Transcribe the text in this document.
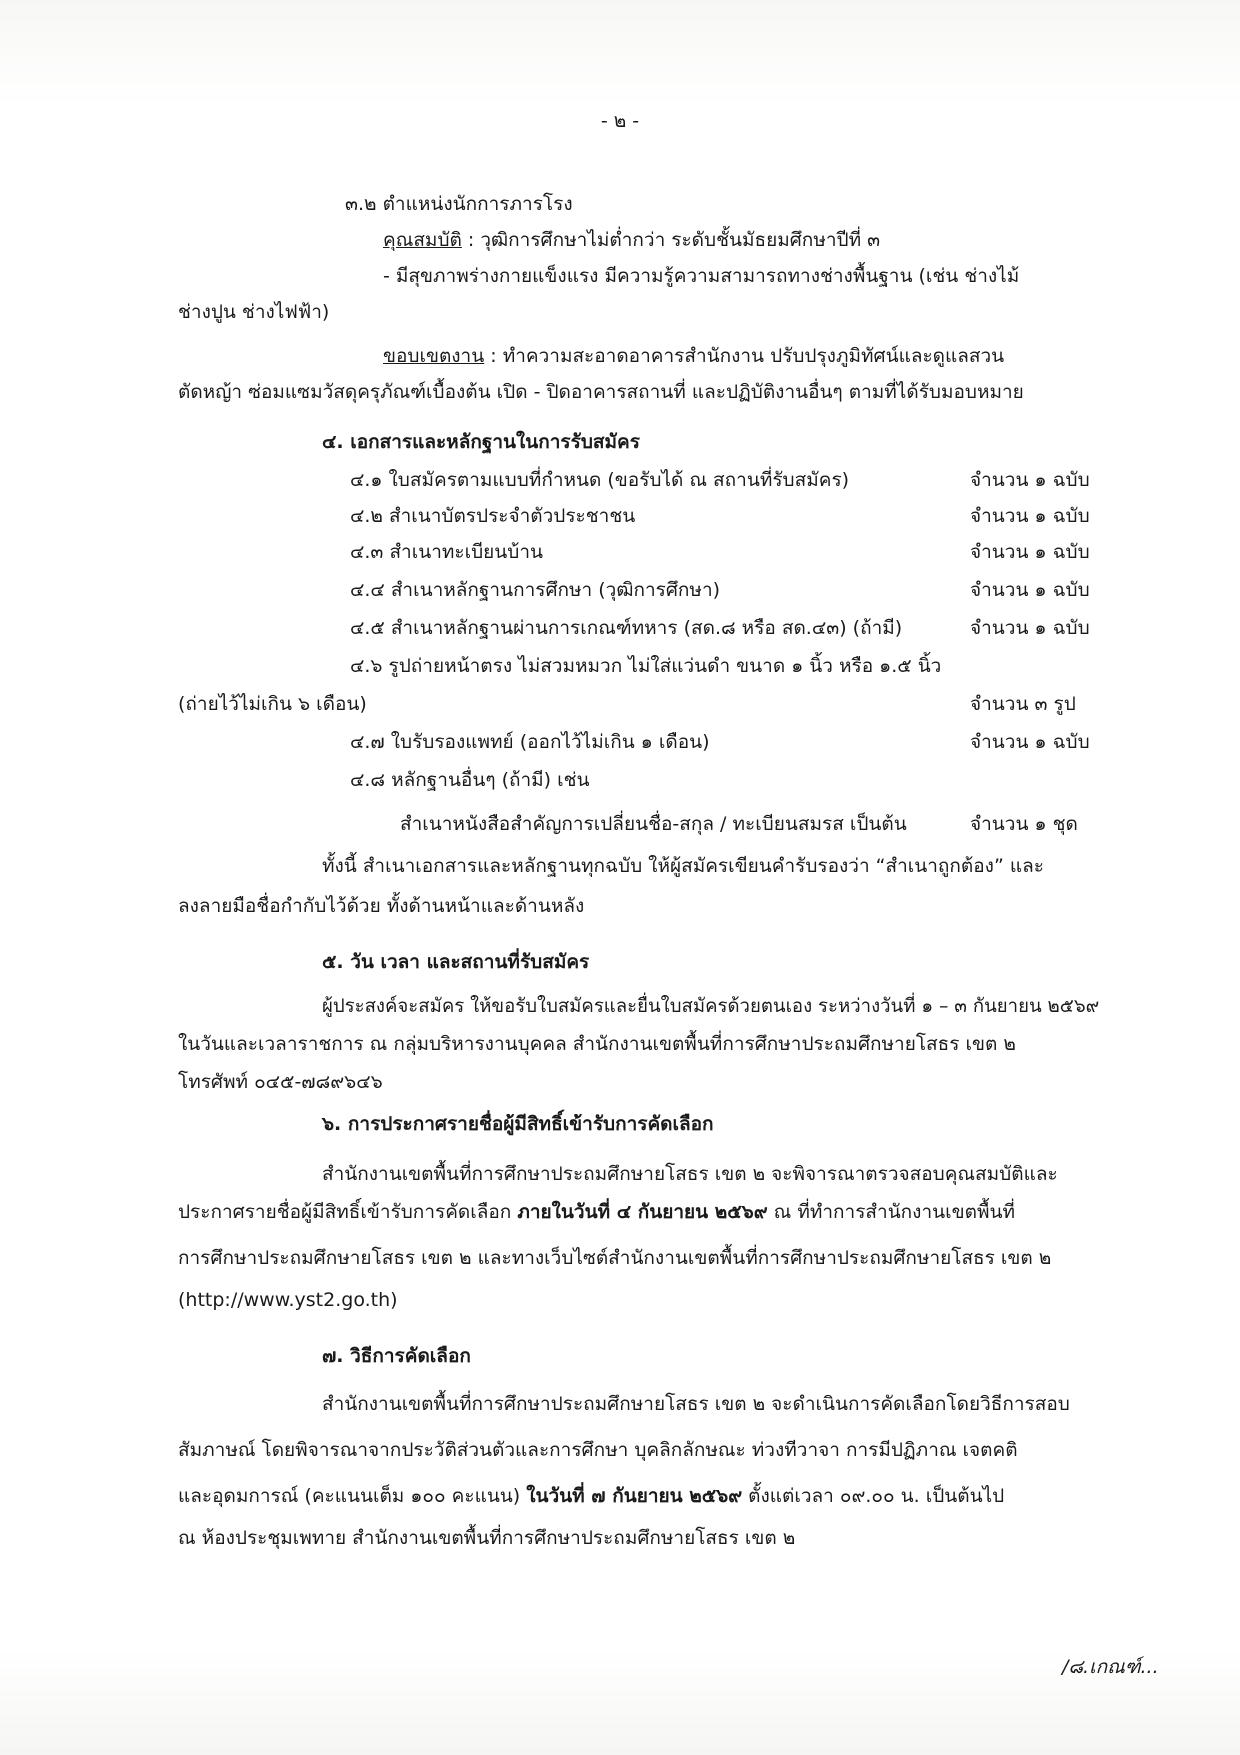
- ๒ -
๓.๒ ตำแหน่งนักการภารโรง
คุณสมบัติ : วุฒิการศึกษาไม่ต่ำกว่า ระดับชั้นมัธยมศึกษาปีที่ ๓
- มีสุขภาพร่างกายแข็งแรง มีความรู้ความสามารถทางช่างพื้นฐาน (เช่น ช่างไม้
ช่างปูน ช่างไฟฟ้า)
ขอบเขตงาน : ทำความสะอาดอาคารสำนักงาน ปรับปรุงภูมิทัศน์และดูแลสวน
ตัดหญ้า ซ่อมแซมวัสดุครุภัณฑ์เบื้องต้น เปิด - ปิดอาคารสถานที่ และปฏิบัติงานอื่นๆ ตามที่ได้รับมอบหมาย
๔. เอกสารและหลักฐานในการรับสมัคร
๔.๑ ใบสมัครตามแบบที่กำหนด (ขอรับได้ ณ สถานที่รับสมัคร)	จำนวน ๑ ฉบับ
๔.๒ สำเนาบัตรประจำตัวประชาชน	จำนวน ๑ ฉบับ
๔.๓ สำเนาทะเบียนบ้าน	จำนวน ๑ ฉบับ
๔.๔ สำเนาหลักฐานการศึกษา (วุฒิการศึกษา)	จำนวน ๑ ฉบับ
๔.๕ สำเนาหลักฐานผ่านการเกณฑ์ทหาร (สด.๘ หรือ สด.๔๓) (ถ้ามี)	จำนวน ๑ ฉบับ
๔.๖ รูปถ่ายหน้าตรง ไม่สวมหมวก ไม่ใส่แว่นดำ ขนาด ๑ นิ้ว หรือ ๑.๕ นิ้ว
(ถ่ายไว้ไม่เกิน ๖ เดือน)	จำนวน ๓ รูป
๔.๗ ใบรับรองแพทย์ (ออกไว้ไม่เกิน ๑ เดือน)	จำนวน ๑ ฉบับ
๔.๘ หลักฐานอื่นๆ (ถ้ามี) เช่น
สำเนาหนังสือสำคัญการเปลี่ยนชื่อ-สกุล / ทะเบียนสมรส เป็นต้น	จำนวน ๑ ชุด
ทั้งนี้ สำเนาเอกสารและหลักฐานทุกฉบับ ให้ผู้สมัครเขียนคำรับรองว่า “สำเนาถูกต้อง” และ
ลงลายมือชื่อกำกับไว้ด้วย ทั้งด้านหน้าและด้านหลัง
๕. วัน เวลา และสถานที่รับสมัคร
ผู้ประสงค์จะสมัคร ให้ขอรับใบสมัครและยื่นใบสมัครด้วยตนเอง ระหว่างวันที่ ๑ – ๓ กันยายน ๒๕๖๙
ในวันและเวลาราชการ ณ กลุ่มบริหารงานบุคคล สำนักงานเขตพื้นที่การศึกษาประถมศึกษายโสธร เขต ๒
โทรศัพท์ ๐๔๕-๗๘๙๖๔๖
๖. การประกาศรายชื่อผู้มีสิทธิ์เข้ารับการคัดเลือก
สำนักงานเขตพื้นที่การศึกษาประถมศึกษายโสธร เขต ๒ จะพิจารณาตรวจสอบคุณสมบัติและ
ประกาศรายชื่อผู้มีสิทธิ์เข้ารับการคัดเลือก ภายในวันที่ ๔ กันยายน ๒๕๖๙ ณ ที่ทำการสำนักงานเขตพื้นที่
การศึกษาประถมศึกษายโสธร เขต ๒ และทางเว็บไซต์สำนักงานเขตพื้นที่การศึกษาประถมศึกษายโสธร เขต ๒
(http://www.yst2.go.th)
๗. วิธีการคัดเลือก
สำนักงานเขตพื้นที่การศึกษาประถมศึกษายโสธร เขต ๒ จะดำเนินการคัดเลือกโดยวิธีการสอบ
สัมภาษณ์ โดยพิจารณาจากประวัติส่วนตัวและการศึกษา บุคลิกลักษณะ ท่วงทีวาจา การมีปฏิภาณ เจตคติ
และอุดมการณ์ (คะแนนเต็ม ๑๐๐ คะแนน) ในวันที่ ๗ กันยายน ๒๕๖๙ ตั้งแต่เวลา ๐๙.๐๐ น. เป็นต้นไป
ณ ห้องประชุมเพทาย สำนักงานเขตพื้นที่การศึกษาประถมศึกษายโสธร เขต ๒
/๘.เกณฑ์...
